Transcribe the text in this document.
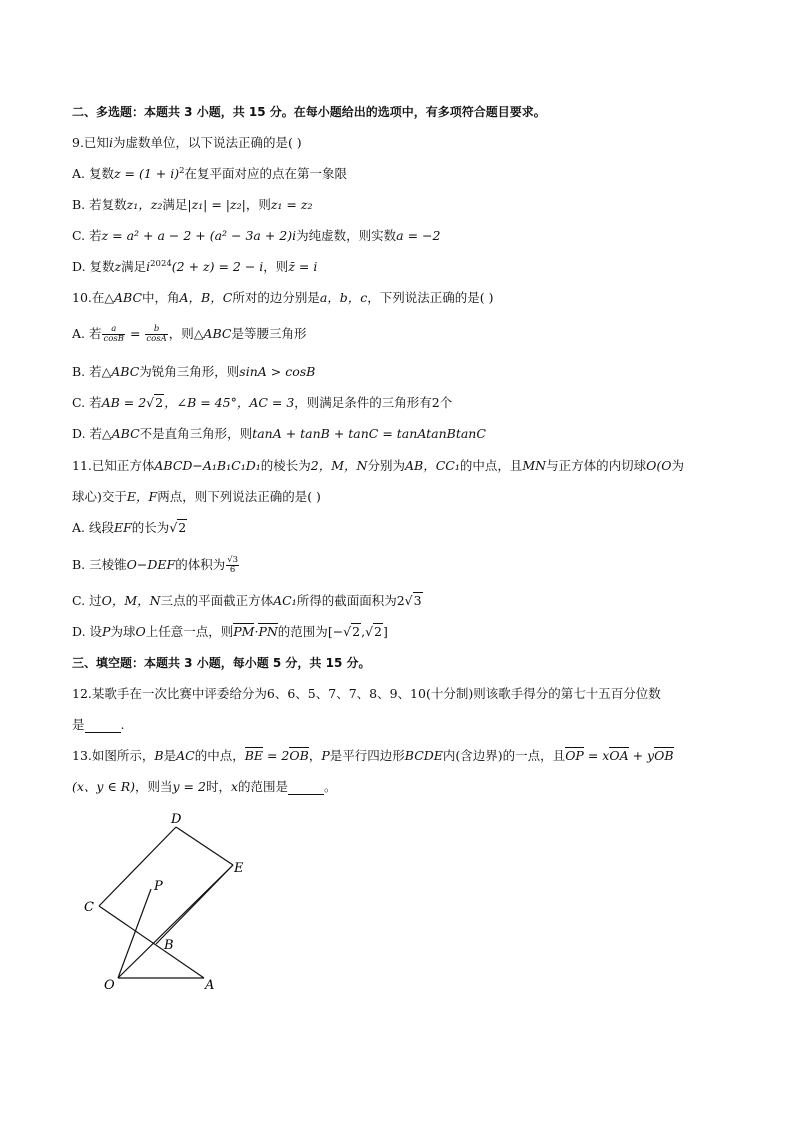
二、多选题：本题共 3 小题，共 15 分。在每小题给出的选项中，有多项符合题目要求。
9.已知i为虚数单位，以下说法正确的是( )
A. 复数$z = (1 + i)^2$在复平面对应的点在第一象限
B. 若复数z₁，z₂满足|z₁| = |z₂|，则z₁ = z₂
C. 若z = a² + a − 2 + (a² − 3a + 2)i为纯虚数，则实数a = −2
D. 复数z满足$i^{2024}(2 + z) = 2 - i$，则z̄ = i
10.在△ABC中，角A，B，C所对的边分别是a，b，c，下列说法正确的是( )
A. 若 $\frac{a}{\cos B} = \frac{b}{\cos A}$ ，则△ABC是等腰三角形
B. 若△ABC为锐角三角形，则sinA > cosB
C. 若AB = 2√2，∠B = 45°，AC = 3，则满足条件的三角形有2个
D. 若△ABC不是直角三角形，则tanA + tanB + tanC = tanAtanBtanC
11.已知正方体ABCD−A₁B₁C₁D₁的棱长为2，M，N分别为AB，CC₁的中点，且MN与正方体的内切球O(O为
球心)交于E，F两点，则下列说法正确的是( )
A. 线段EF的长为√2
B. 三棱锥O−DEF的体积为 $\frac{√3}{6}$
C. 过O，M，N三点的平面截正方体AC₁所得的截面面积为2√3
D. 设P为球O上任意一点，则PM·PN的范围为[−√2,√2]
三、填空题：本题共 3 小题，每小题 5 分，共 15 分。
12.某歌手在一次比赛中评委给分为6、6、5、7、7、8、9、10(十分制)则该歌手得分的第七十五百分位数
是	.
13.如图所示，B是AC的中点，BE = 2OB，P是平行四边形BCDE内(含边界)的一点，且OP = xOA + yOB
(x、y ∈ R)，则当y = 2时，x的范围是	。
D
E
P
C
B
O	A
